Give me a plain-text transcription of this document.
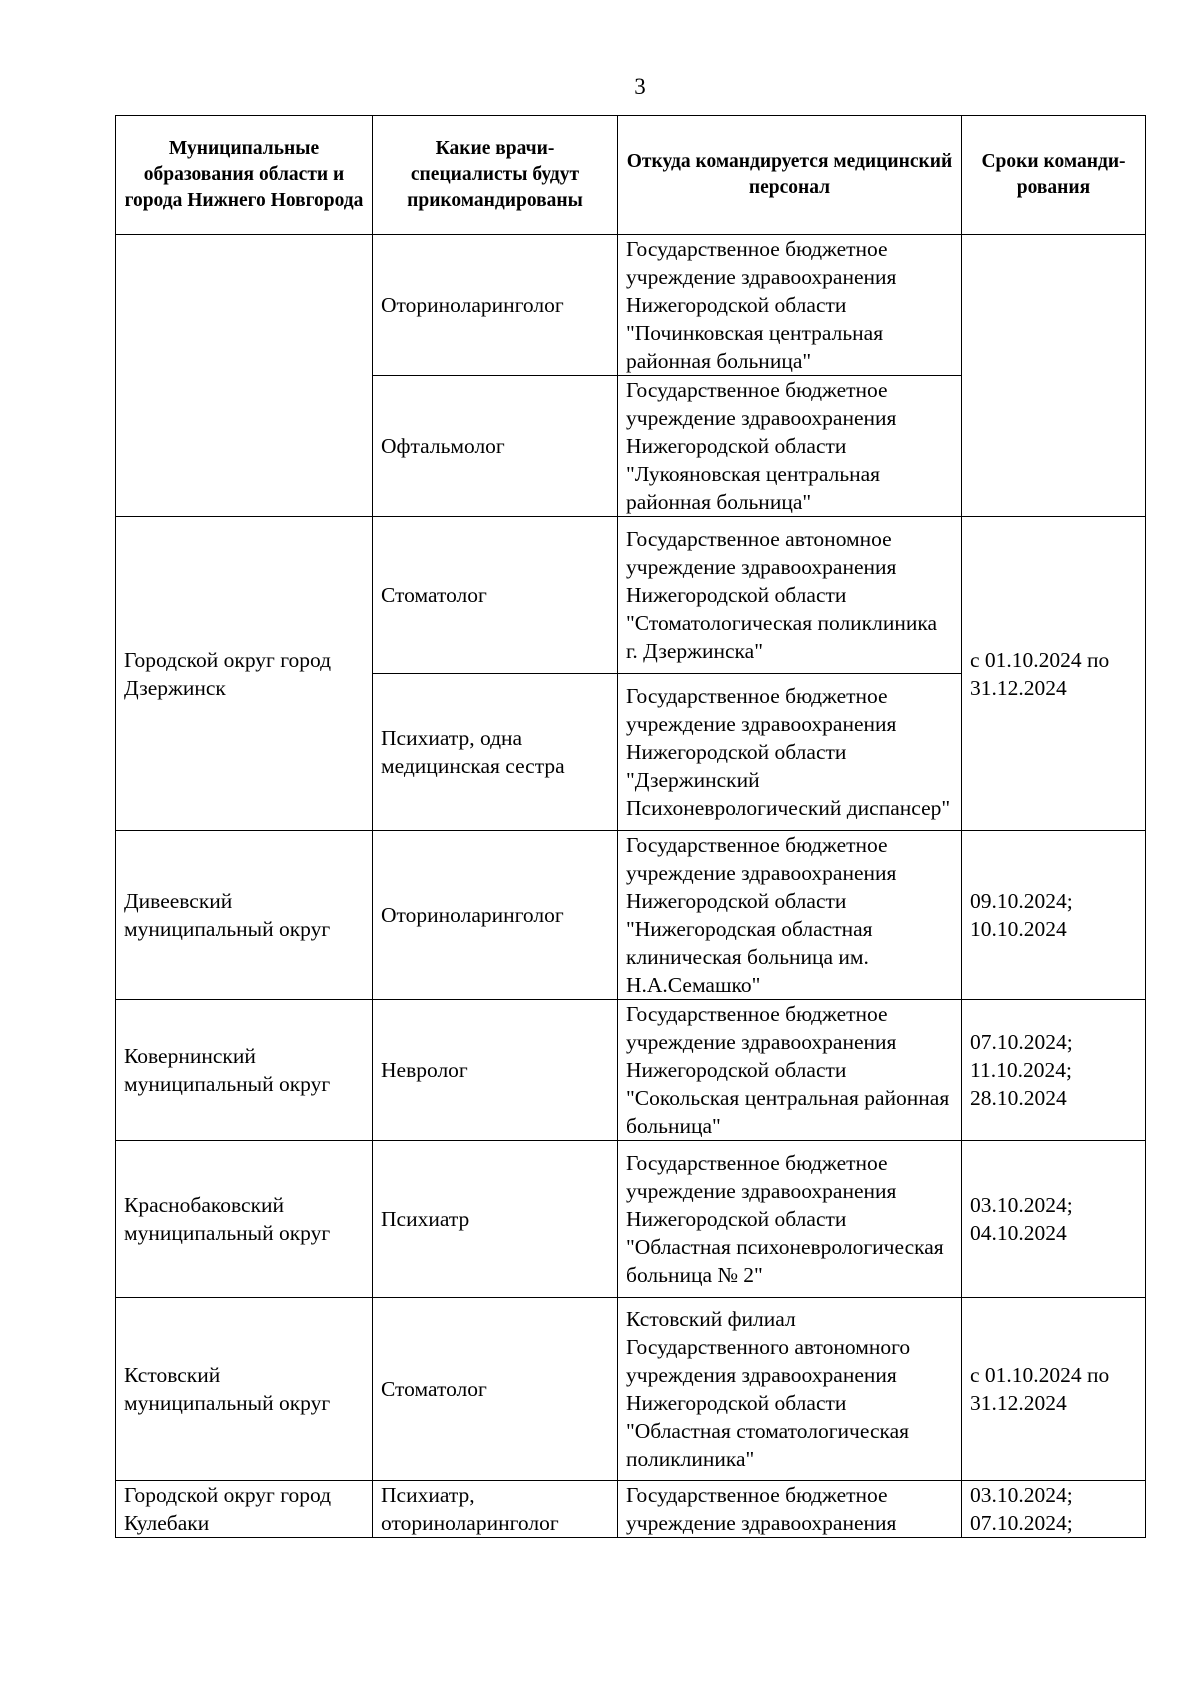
3
Муниципальные образования области и города Нижнего Новгорода	Какие врачи-специалисты будут прикомандированы	Откуда командируется медицинский персонал	Сроки команди-рования
	Оториноларинголог	Государственное бюджетное учреждение здравоохранения Нижегородской области "Починковская центральная районная больница"	
	Офтальмолог	Государственное бюджетное учреждение здравоохранения Нижегородской области "Лукояновская центральная районная больница"	
Городской округ город Дзержинск	Стоматолог	Государственное автономное учреждение здравоохранения Нижегородской области "Стоматологическая поликлиника г. Дзержинска"	с 01.10.2024 по 31.12.2024
	Психиатр, одна медицинская сестра	Государственное бюджетное учреждение здравоохранения Нижегородской области "Дзержинский Психоневрологический диспансер"	
Дивеевский муниципальный округ	Оториноларинголог	Государственное бюджетное учреждение здравоохранения Нижегородской области "Нижегородская областная клиническая больница им. Н.А.Семашко"	09.10.2024; 10.10.2024
Ковернинский муниципальный округ	Невролог	Государственное бюджетное учреждение здравоохранения Нижегородской области "Сокольская центральная районная больница"	07.10.2024; 11.10.2024; 28.10.2024
Краснобаковский муниципальный округ	Психиатр	Государственное бюджетное учреждение здравоохранения Нижегородской области "Областная психоневрологическая больница № 2"	03.10.2024; 04.10.2024
Кстовский муниципальный округ	Стоматолог	Кстовский филиал Государственного автономного учреждения здравоохранения Нижегородской области "Областная стоматологическая поликлиника"	с 01.10.2024 по 31.12.2024
Городской округ город Кулебаки	Психиатр, оториноларинголог	Государственное бюджетное учреждение здравоохранения	03.10.2024; 07.10.2024;
